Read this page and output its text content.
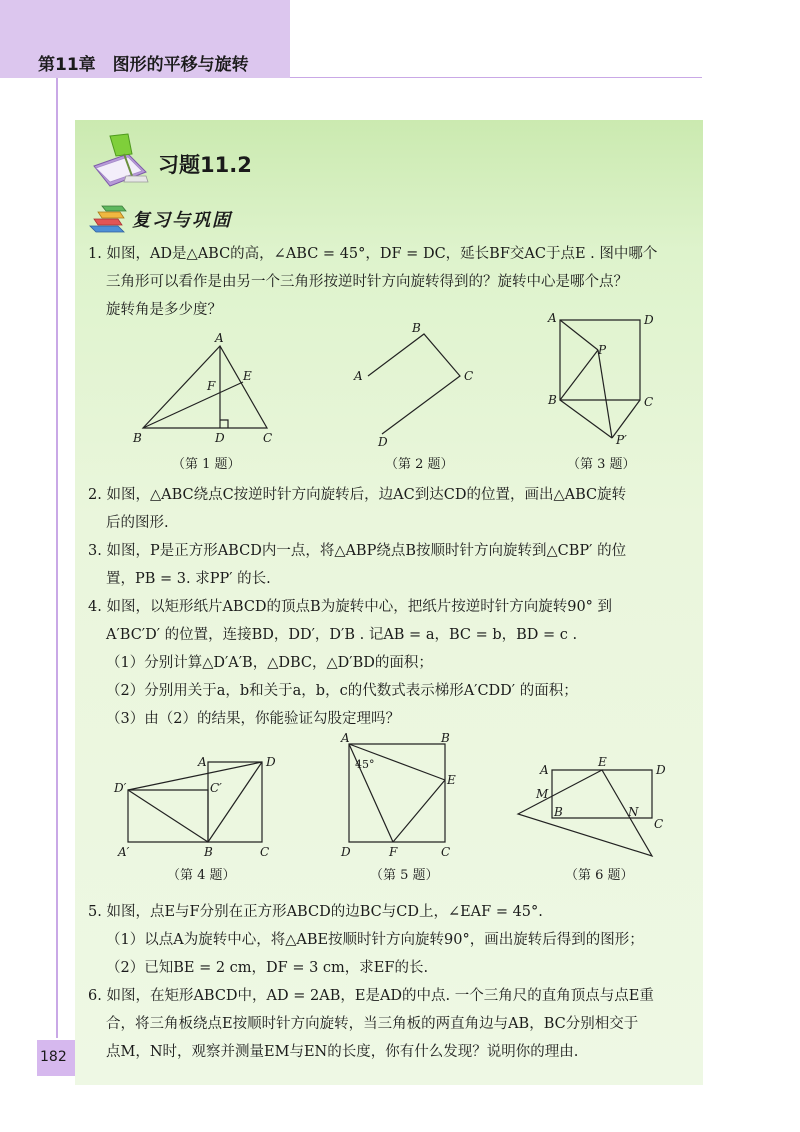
第11章　图形的平移与旋转
习题11.2
复习与巩固
1. 如图，AD是△ABC的高，∠ABC = 45°，DF = DC，延长BF交AC于点E . 图中哪个
三角形可以看作是由另一个三角形按逆时针方向旋转得到的？旋转中心是哪个点？
旋转角是多少度？
A
E
F
B	D	C
（第 1 题）
B
A	C
D
（第 2 题）
A	D
P
B	C
P′
（第 3 题）
2. 如图，△ABC绕点C按逆时针方向旋转后，边AC到达CD的位置，画出△ABC旋转
后的图形.
3. 如图，P是正方形ABCD内一点，将△ABP绕点B按顺时针方向旋转到△CBP′ 的位
置，PB = 3. 求PP′ 的长.
4. 如图，以矩形纸片ABCD的顶点B为旋转中心，把纸片按逆时针方向旋转90° 到
A′BC′D′ 的位置，连接BD，DD′，D′B . 记AB = a，BC = b，BD = c .
（1）分别计算△D′A′B，△DBC，△D′BD的面积；
（2）分别用关于a，b和关于a，b，c的代数式表示梯形A′CDD′ 的面积；
（3）由（2）的结果，你能验证勾股定理吗？
A	D
D′	C′
A′	B	C
（第 4 题）
A	B
45°
E
D	F	C
（第 5 题）
A
E
D
M
B	N
C
（第 6 题）
5. 如图，点E与F分别在正方形ABCD的边BC与CD上，∠EAF = 45°.
（1）以点A为旋转中心，将△ABE按顺时针方向旋转90°，画出旋转后得到的图形；
（2）已知BE = 2 cm，DF = 3 cm，求EF的长.
6. 如图，在矩形ABCD中，AD = 2AB，E是AD的中点. 一个三角尺的直角顶点与点E重
合，将三角板绕点E按顺时针方向旋转，当三角板的两直角边与AB，BC分别相交于
点M，N时，观察并测量EM与EN的长度，你有什么发现？说明你的理由.
182
